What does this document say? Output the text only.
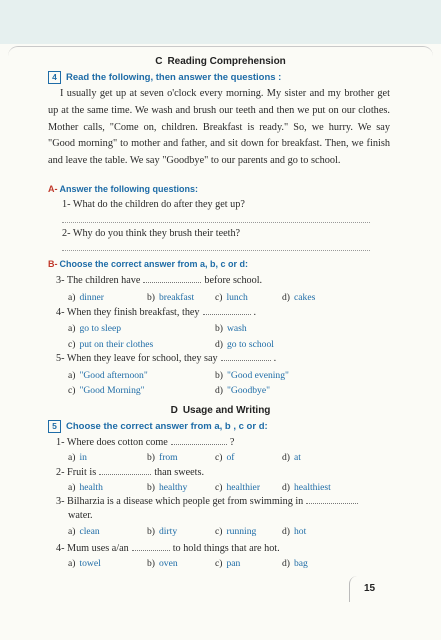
C Reading Comprehension
4 Read the following, then answer the questions :

I usually get up at seven o'clock every morning. My sister and my brother get up at the same time. We wash and brush our teeth and then we put on our clothes. Mother calls, "Come on, children. Breakfast is ready." So, we hurry. We say "Good morning" to mother and father, and sit down for breakfast. Then, we finish and leave the table. We say "Goodbye" to our parents and go to school.

A- Answer the following questions:
1- What do the children do after they get up?
2- Why do you think they brush their teeth?
B- Choose the correct answer from a, b, c or d:
3- The children have	before school.
a) dinner	b) breakfast c) lunch	d) cakes
4- When they finish breakfast, they	.
a) go to sleep	b) wash
c) put on their clothes	d) go to school
5- When they leave for school, they say	.
a) "Good afternoon"	b) "Good evening"
c) "Good Morning"	d) "Goodbye"
D Usage and Writing
5 Choose the correct answer from a, b , c or d:
1- Where does cotton come	?
a) in	b) from	c) of	d) at
2- Fruit is	than sweets.
a) health	b) healthy	c) healthier d) healthiest
3- Bilharzia is a disease which people get from swimming in
water.
a) clean	b) dirty	c) running	d) hot
4- Mum uses a/an	to hold things that are hot.
a) towel	b) oven	c) pan	d) bag
15
